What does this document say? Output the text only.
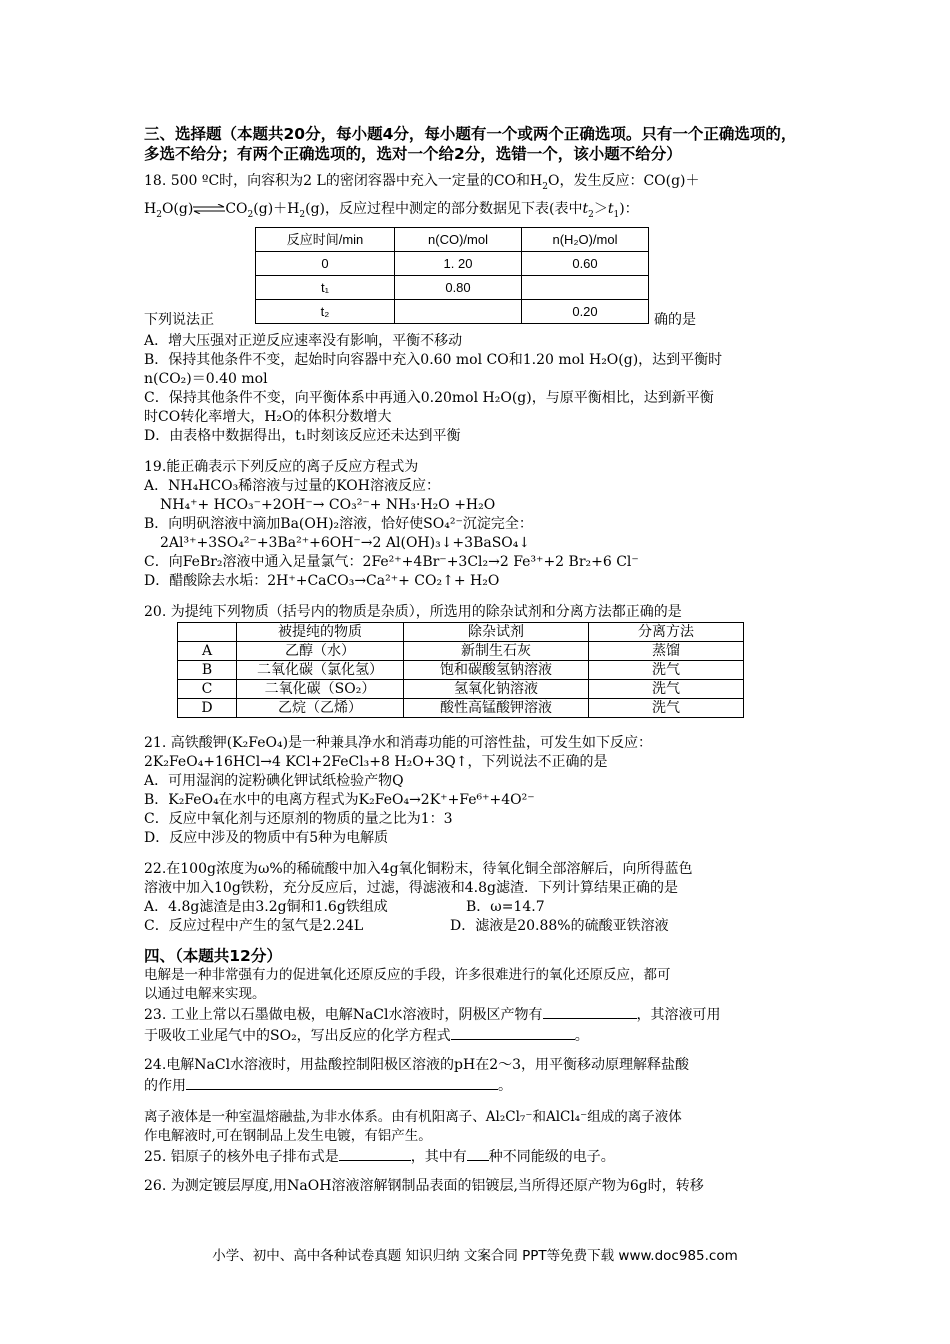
三、选择题（本题共20分，每小题4分，每小题有一个或两个正确选项。只有一个正确选项的，多选不给分；有两个正确选项的，选对一个给2分，选错一个，该小题不给分）

18. 500 ºC时，向容积为2 L的密闭容器中充入一定量的CO和$H_2O$，发生反应：CO(g)＋

$H_2O(g)\rightleftharpoons CO_2(g)+H_2(g)$，反应过程中测定的部分数据见下表(表中$t_2>t_1$)：

反应时间/min	n(CO)/mol	n(H₂O)/mol
0	1. 20	0.60
t₁	0.80	
t₂		0.20
下列说法正	确的是

A．增大压强对正逆反应速率没有影响，平衡不移动

B．保持其他条件不变，起始时向容器中充入0.60 mol CO和1.20 mol H₂O(g)，达到平衡时

n(CO₂)＝0.40 mol

C．保持其他条件不变，向平衡体系中再通入0.20mol H₂O(g)，与原平衡相比，达到新平衡

时CO转化率增大，H₂O的体积分数增大

D．由表格中数据得出，t₁时刻该反应还未达到平衡

19.能正确表示下列反应的离子反应方程式为

A．NH₄HCO₃稀溶液与过量的KOH溶液反应：

NH₄⁺+ HCO₃⁻+2OH⁻→ CO₃²⁻+ NH₃·H₂O +H₂O

B．向明矾溶液中滴加Ba(OH)₂溶液，恰好使SO₄²⁻沉淀完全：

2Al³⁺+3SO₄²⁻+3Ba²⁺+6OH⁻→2 Al(OH)₃↓+3BaSO₄↓

C．向FeBr₂溶液中通入足量氯气：2Fe²⁺+4Br⁻+3Cl₂→2 Fe³⁺+2 Br₂+6 Cl⁻

D．醋酸除去水垢：2H⁺+CaCO₃→Ca²⁺+ CO₂↑+ H₂O

20. 为提纯下列物质（括号内的物质是杂质），所选用的除杂试剂和分离方法都正确的是

	被提纯的物质	除杂试剂	分离方法
A	乙醇（水）	新制生石灰	蒸馏
B	二氧化碳（氯化氢）	饱和碳酸氢钠溶液	洗气
C	二氧化碳（SO₂）	氢氧化钠溶液	洗气
D	乙烷（乙烯）	酸性高锰酸钾溶液	洗气

21. 高铁酸钾(K₂FeO₄)是一种兼具净水和消毒功能的可溶性盐，可发生如下反应：

2K₂FeO₄+16HCl→4 KCl+2FeCl₃+8 H₂O+3Q↑，下列说法不正确的是

A．可用湿润的淀粉碘化钾试纸检验产物Q

B．K₂FeO₄在水中的电离方程式为K₂FeO₄→2K⁺+Fe⁶⁺+4O²⁻

C．反应中氧化剂与还原剂的物质的量之比为1：3

D．反应中涉及的物质中有5种为电解质

22.在100g浓度为ω%的稀硫酸中加入4g氧化铜粉末，待氧化铜全部溶解后，向所得蓝色

溶液中加入10g铁粉，充分反应后，过滤，得滤液和4.8g滤渣．下列计算结果正确的是

A．4.8g滤渣是由3.2g铜和1.6g铁组成	B．ω=14.7

C．反应过程中产生的氢气是2.24L	D．滤液是20.88%的硫酸亚铁溶液

四、（本题共12分）

电解是一种非常强有力的促进氧化还原反应的手段，许多很难进行的氧化还原反应，都可

以通过电解来实现。

23. 工业上常以石墨做电极，电解NaCl水溶液时，阴极区产物有	，其溶液可用

于吸收工业尾气中的SO₂，写出反应的化学方程式	。

24.电解NaCl水溶液时，用盐酸控制阳极区溶液的pH在2～3，用平衡移动原理解释盐酸

的作用	。

离子液体是一种室温熔融盐,为非水体系。由有机阳离子、Al₂Cl₇⁻和AlCl₄⁻组成的离子液体

作电解液时,可在钢制品上发生电镀，有铝产生。

25. 铝原子的核外电子排布式是	，其中有 种不同能级的电子。

26. 为测定镀层厚度,用NaOH溶液溶解钢制品表面的铝镀层,当所得还原产物为6g时，转移

小学、初中、高中各种试卷真题 知识归纳 文案合同 PPT等免费下载 www.doc985.com
